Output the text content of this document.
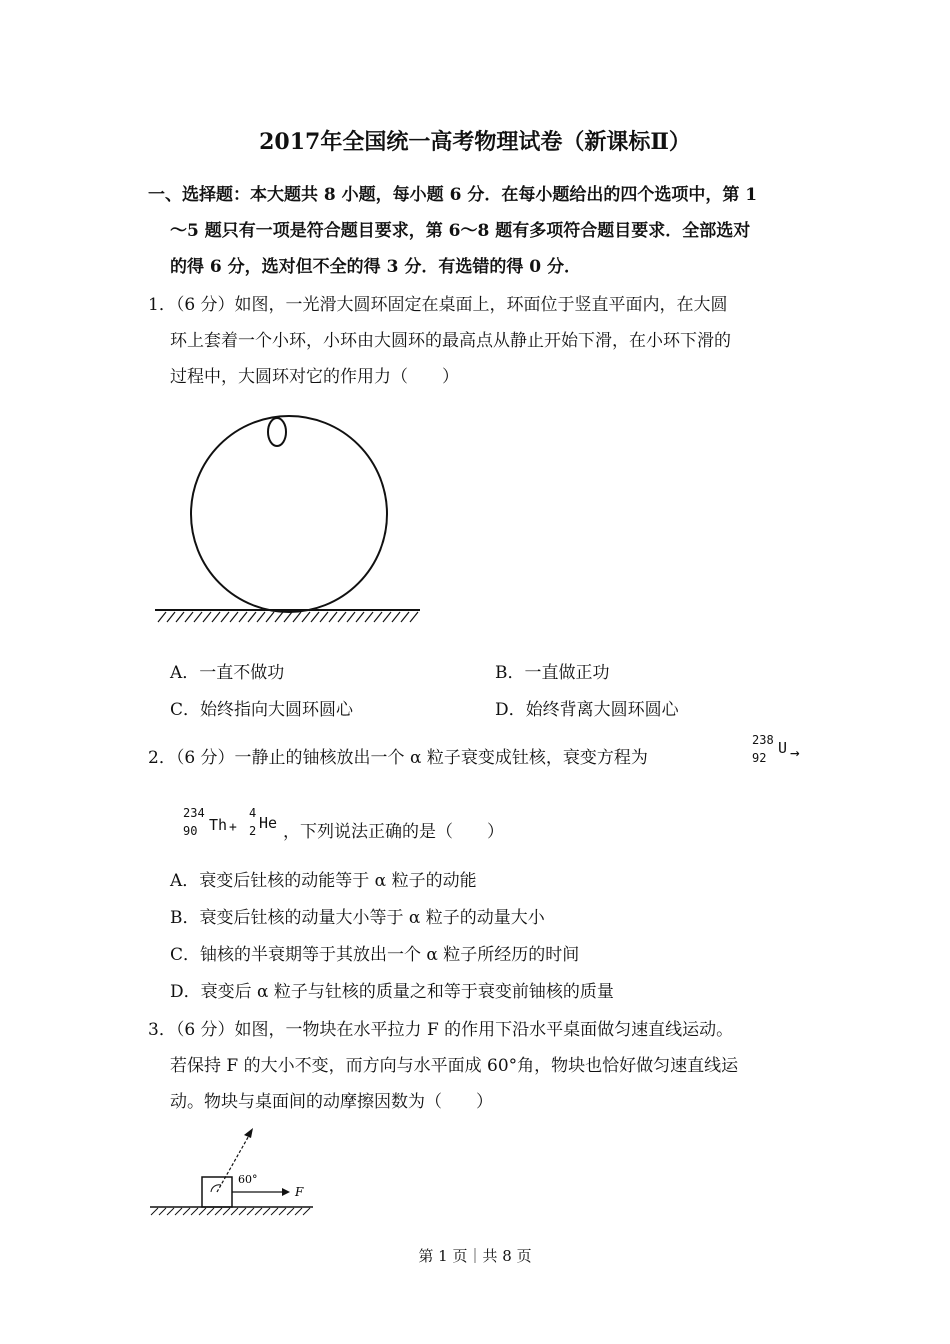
2017年全国统一高考物理试卷（新课标Ⅱ）
一、选择题：本大题共 8 小题，每小题 6 分．在每小题给出的四个选项中，第 1
～5 题只有一项是符合题目要求，第 6～8 题有多项符合题目要求．全部选对
的得 6 分，选对但不全的得 3 分．有选错的得 0 分．
1．（6 分）如图，一光滑大圆环固定在桌面上，环面位于竖直平面内，在大圆
环上套着一个小环，小环由大圆环的最高点从静止开始下滑，在小环下滑的
过程中，大圆环对它的作用力（　　）
A．一直不做功	B．一直做正功
C．始终指向大圆环圆心	D．始终背离大圆环圆心
2．（6 分）一静止的铀核放出一个 α 粒子衰变成钍核，衰变方程为
238
92
U →
234
90 Th +
4
2 He ，下列说法正确的是（　　）
A．衰变后钍核的动能等于 α 粒子的动能
B．衰变后钍核的动量大小等于 α 粒子的动量大小
C．铀核的半衰期等于其放出一个 α 粒子所经历的时间
D．衰变后 α 粒子与钍核的质量之和等于衰变前铀核的质量
3．（6 分）如图，一物块在水平拉力 F 的作用下沿水平桌面做匀速直线运动。
若保持 F 的大小不变，而方向与水平面成 60°角，物块也恰好做匀速直线运
动。物块与桌面间的动摩擦因数为（　　）
60°
F
第 1 页｜共 8 页
